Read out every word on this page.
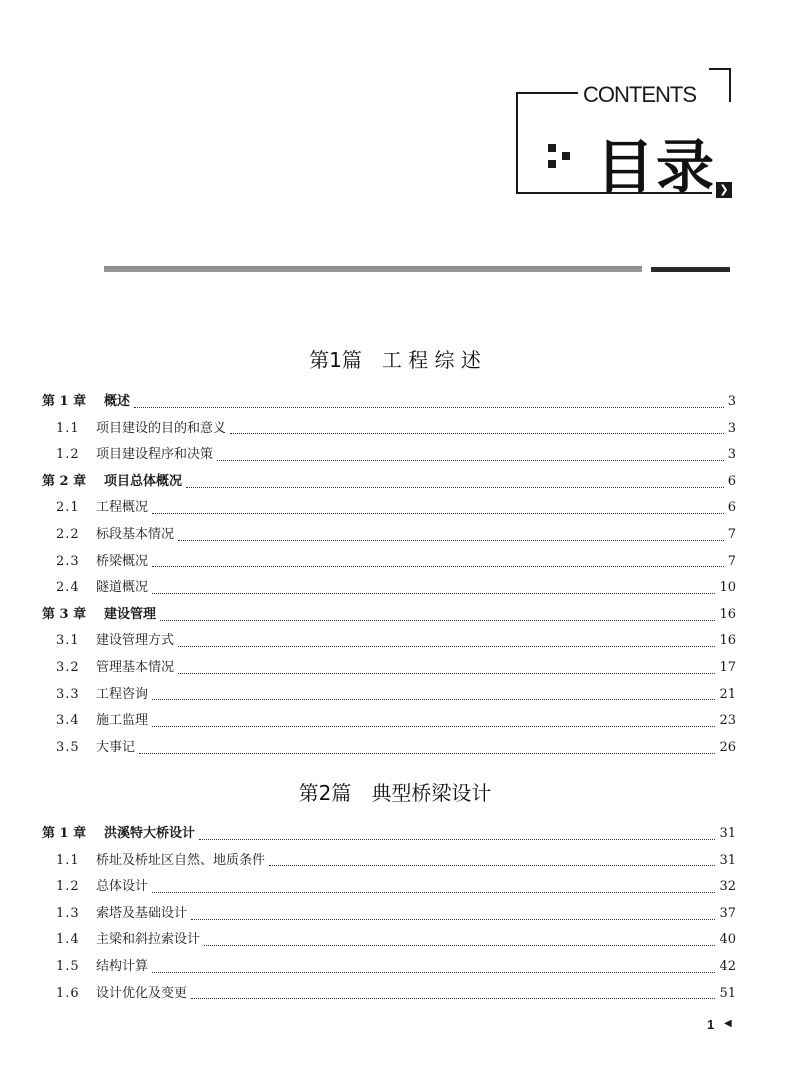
CONTENTS
目录 ❯
第1篇　工 程 综 述
第 1 章	概述	3
1.1	项目建设的目的和意义	3
1.2	项目建设程序和决策	3
第 2 章	项目总体概况	6
2.1	工程概况	6
2.2	标段基本情况	7
2.3	桥梁概况	7
2.4	隧道概况	10
第 3 章	建设管理	16
3.1	建设管理方式	16
3.2	管理基本情况	17
3.3	工程咨询	21
3.4	施工监理	23
3.5	大事记	26
第2篇　典型桥梁设计
第 1 章	洪溪特大桥设计	31
1.1	桥址及桥址区自然、地质条件	31
1.2	总体设计	32
1.3	索塔及基础设计	37
1.4	主梁和斜拉索设计	40
1.5	结构计算	42
1.6	设计优化及变更	51
1 ◀
